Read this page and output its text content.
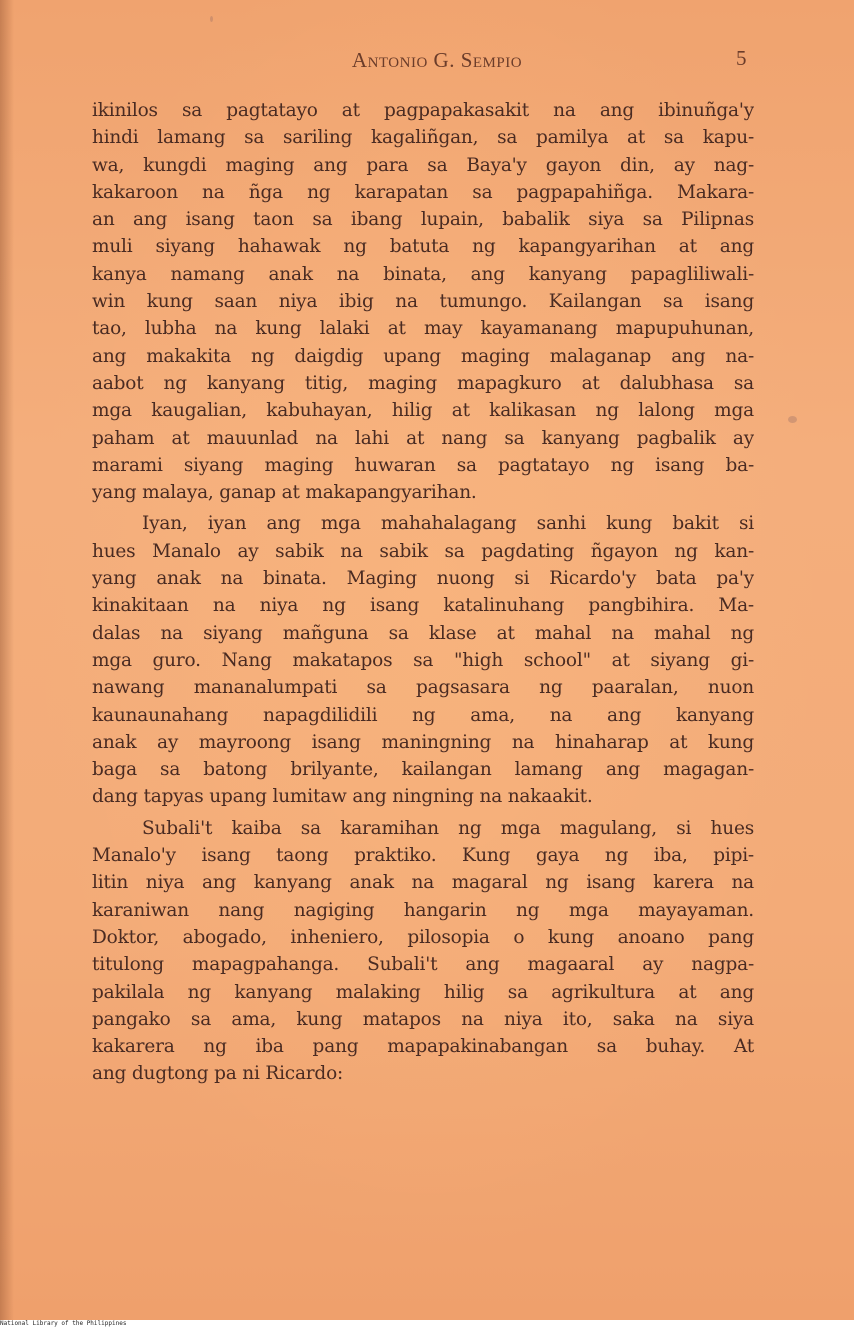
Antonio G. Sempio	5
ikinilos sa pagtatayo at pagpapakasakit na ang ibinuñga'y
hindi lamang sa sariling kagaliñgan, sa pamilya at sa kapu-
wa, kungdi maging ang para sa Baya'y gayon din, ay nag-
kakaroon na ñga ng karapatan sa pagpapahiñga. Makara-
an ang isang taon sa ibang lupain, babalik siya sa Pilipnas
muli siyang hahawak ng batuta ng kapangyarihan at ang
kanya namang anak na binata, ang kanyang papagliliwali-
win kung saan niya ibig na tumungo. Kailangan sa isang
tao, lubha na kung lalaki at may kayamanang mapupuhunan,
ang makakita ng daigdig upang maging malaganap ang na-
aabot ng kanyang titig, maging mapagkuro at dalubhasa sa
mga kaugalian, kabuhayan, hilig at kalikasan ng lalong mga
paham at mauunlad na lahi at nang sa kanyang pagbalik ay
marami siyang maging huwaran sa pagtatayo ng isang ba-
yang malaya, ganap at makapangyarihan.
Iyan, iyan ang mga mahahalagang sanhi kung bakit si
hues Manalo ay sabik na sabik sa pagdating ñgayon ng kan-
yang anak na binata. Maging nuong si Ricardo'y bata pa'y
kinakitaan na niya ng isang katalinuhang pangbihira. Ma-
dalas na siyang mañguna sa klase at mahal na mahal ng
mga guro. Nang makatapos sa "high school" at siyang gi-
nawang mananalumpati sa pagsasara ng paaralan, nuon
kaunaunahang napagdilidili ng ama, na ang kanyang
anak ay mayroong isang maningning na hinaharap at kung
baga sa batong brilyante, kailangan lamang ang magagan-
dang tapyas upang lumitaw ang ningning na nakaakit.
Subali't kaiba sa karamihan ng mga magulang, si hues
Manalo'y isang taong praktiko. Kung gaya ng iba, pipi-
litin niya ang kanyang anak na magaral ng isang karera na
karaniwan nang nagiging hangarin ng mga mayayaman.
Doktor, abogado, inheniero, pilosopia o kung anoano pang
titulong mapagpahanga. Subali't ang magaaral ay nagpa-
pakilala ng kanyang malaking hilig sa agrikultura at ang
pangako sa ama, kung matapos na niya ito, saka na siya
kakarera ng iba pang mapapakinabangan sa buhay. At
ang dugtong pa ni Ricardo:
National Library of the Philippines
